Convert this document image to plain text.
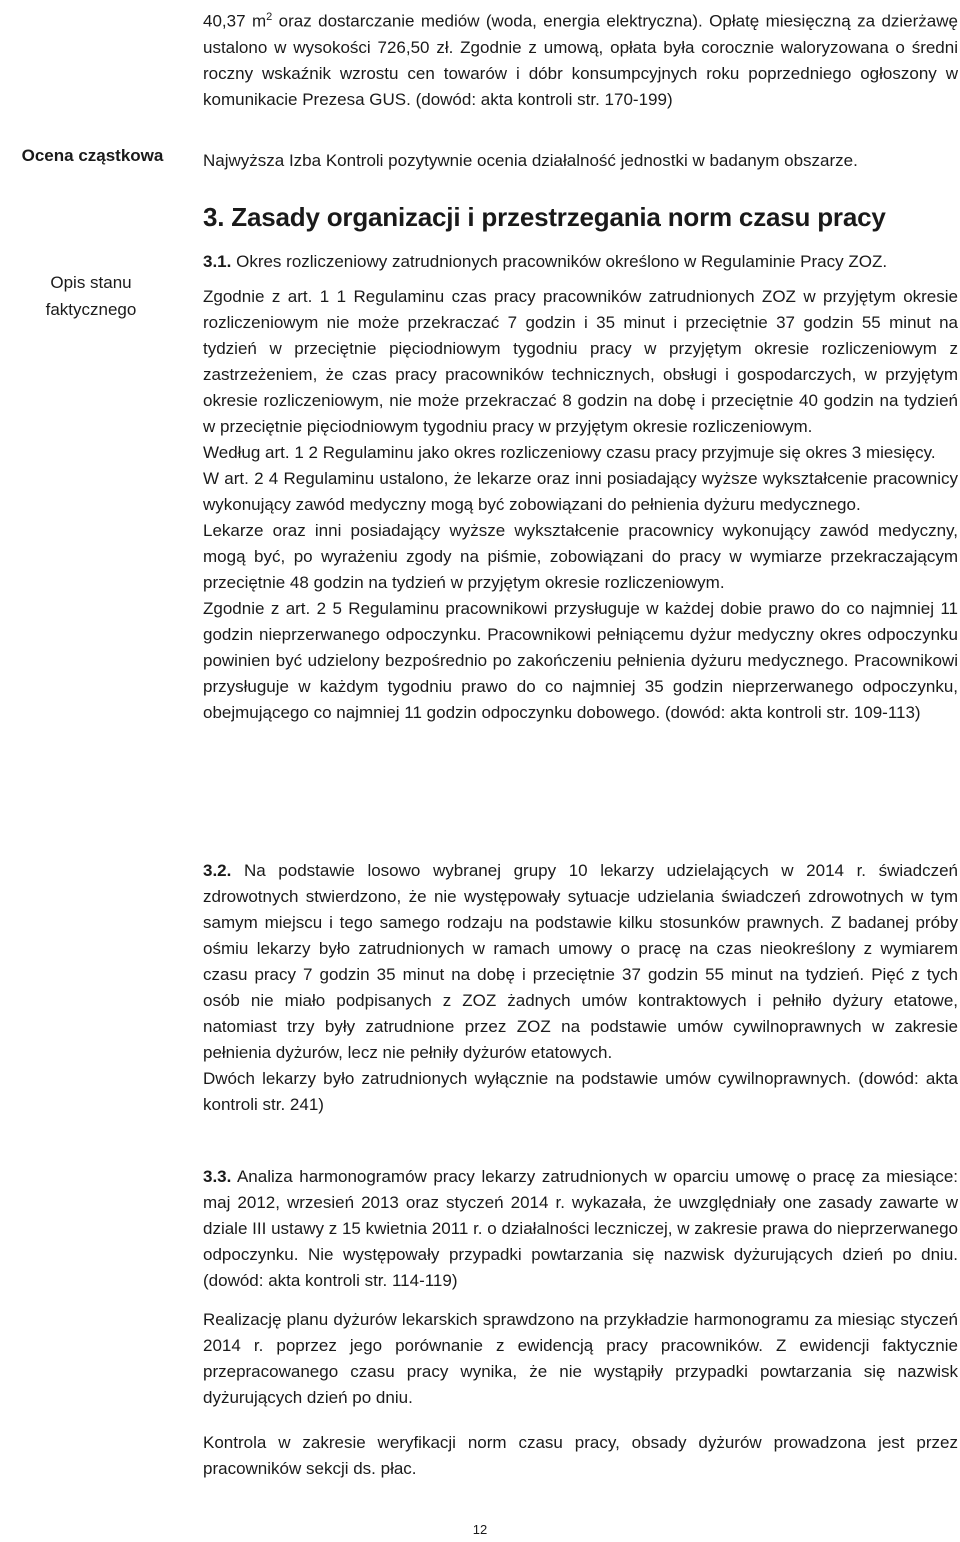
Ocena cząstkowa
Opis stanu faktycznego

40,37 $m^2$ oraz dostarczanie mediów (woda, energia elektryczna). Opłatę miesięczną za dzierżawę ustalono w wysokości 726,50 zł. Zgodnie z umową, opłata była corocznie waloryzowana o średni roczny wskaźnik wzrostu cen towarów i dóbr konsumpcyjnych roku poprzedniego ogłoszony w komunikacie Prezesa GUS. (dowód: akta kontroli str. 170-199)

Najwyższa Izba Kontroli pozytywnie ocenia działalność jednostki w badanym obszarze.

3. Zasady organizacji i przestrzegania norm czasu pracy

3.1. Okres rozliczeniowy zatrudnionych pracowników określono w Regulaminie Pracy ZOZ.

Zgodnie z art. 1 1 Regulaminu czas pracy pracowników zatrudnionych ZOZ w przyjętym okresie rozliczeniowym nie może przekraczać 7 godzin i 35 minut i przeciętnie 37 godzin 55 minut na tydzień w przeciętnie pięciodniowym tygodniu pracy w przyjętym okresie rozliczeniowym z zastrzeżeniem, że czas pracy pracowników technicznych, obsługi i gospodarczych, w przyjętym okresie rozliczeniowym, nie może przekraczać 8 godzin na dobę i przeciętnie 40 godzin na tydzień w przeciętnie pięciodniowym tygodniu pracy w przyjętym okresie rozliczeniowym.

Według art. 1 2 Regulaminu jako okres rozliczeniowy czasu pracy przyjmuje się okres 3 miesięcy.

W art. 2 4 Regulaminu ustalono, że lekarze oraz inni posiadający wyższe wykształcenie pracownicy wykonujący zawód medyczny mogą być zobowiązani do pełnienia dyżuru medycznego.

Lekarze oraz inni posiadający wyższe wykształcenie pracownicy wykonujący zawód medyczny, mogą być, po wyrażeniu zgody na piśmie, zobowiązani do pracy w wymiarze przekraczającym przeciętnie 48 godzin na tydzień w przyjętym okresie rozliczeniowym.

Zgodnie z art. 2 5 Regulaminu pracownikowi przysługuje w każdej dobie prawo do co najmniej 11 godzin nieprzerwanego odpoczynku. Pracownikowi pełniącemu dyżur medyczny okres odpoczynku powinien być udzielony bezpośrednio po zakończeniu pełnienia dyżuru medycznego. Pracownikowi przysługuje w każdym tygodniu prawo do co najmniej 35 godzin nieprzerwanego odpoczynku, obejmującego co najmniej 11 godzin odpoczynku dobowego. (dowód: akta kontroli str. 109-113)

3.2. Na podstawie losowo wybranej grupy 10 lekarzy udzielających w 2014 r. świadczeń zdrowotnych stwierdzono, że nie występowały sytuacje udzielania świadczeń zdrowotnych w tym samym miejscu i tego samego rodzaju na podstawie kilku stosunków prawnych. Z badanej próby ośmiu lekarzy było zatrudnionych w ramach umowy o pracę na czas nieokreślony z wymiarem czasu pracy 7 godzin 35 minut na dobę i przeciętnie 37 godzin 55 minut na tydzień. Pięć z tych osób nie miało podpisanych z ZOZ żadnych umów kontraktowych i pełniło dyżury etatowe, natomiast trzy były zatrudnione przez ZOZ na podstawie umów cywilnoprawnych w zakresie pełnienia dyżurów, lecz nie pełniły dyżurów etatowych.

Dwóch lekarzy było zatrudnionych wyłącznie na podstawie umów cywilnoprawnych. (dowód: akta kontroli str. 241)

3.3. Analiza harmonogramów pracy lekarzy zatrudnionych w oparciu umowę o pracę za miesiące: maj 2012, wrzesień 2013 oraz styczeń 2014 r. wykazała, że uwzględniały one zasady zawarte w dziale III ustawy z 15 kwietnia 2011 r. o działalności leczniczej, w zakresie prawa do nieprzerwanego odpoczynku. Nie występowały przypadki powtarzania się nazwisk dyżurujących dzień po dniu. (dowód: akta kontroli str. 114-119)

Realizację planu dyżurów lekarskich sprawdzono na przykładzie harmonogramu za miesiąc styczeń 2014 r. poprzez jego porównanie z ewidencją pracy pracowników. Z ewidencji faktycznie przepracowanego czasu pracy wynika, że nie wystąpiły przypadki powtarzania się nazwisk dyżurujących dzień po dniu.

Kontrola w zakresie weryfikacji norm czasu pracy, obsady dyżurów prowadzona jest przez pracowników sekcji ds. płac.

12
